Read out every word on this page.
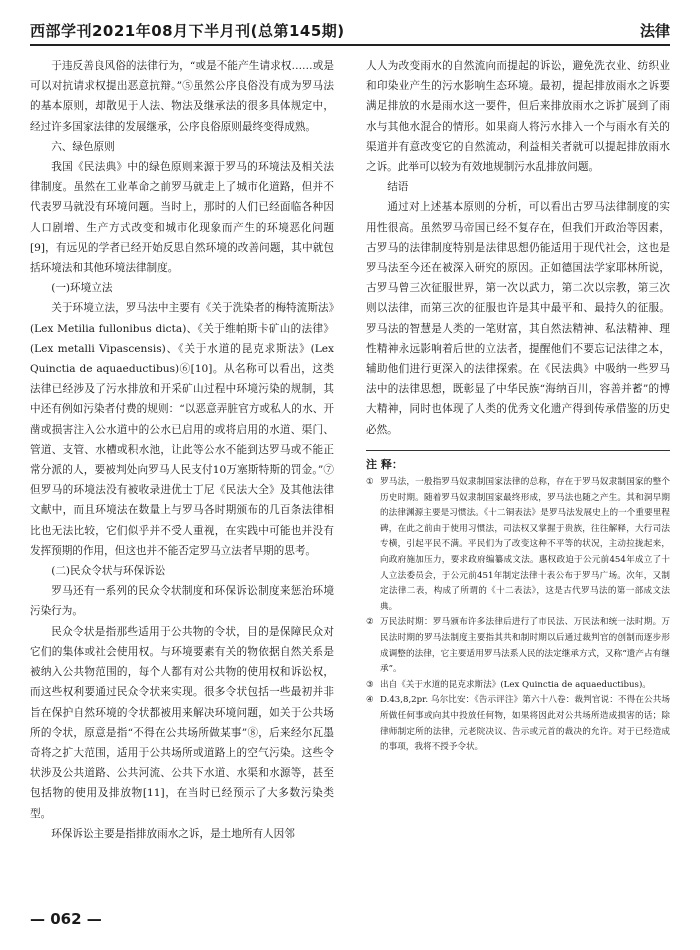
西部学刊2021年08月下半月刊(总第145期)	法律

于违反善良风俗的法律行为，“或是不能产生请求权……或是可以对抗请求权提出恶意抗辩。”⑤虽然公序良俗没有成为罗马法的基本原则，却散见于人法、物法及继承法的很多具体规定中，经过许多国家法律的发展继承，公序良俗原则最终变得成熟。

六、绿色原则

我国《民法典》中的绿色原则来源于罗马的环境法及相关法律制度。虽然在工业革命之前罗马就走上了城市化道路，但并不代表罗马就没有环境问题。当时上，那时的人们已经面临各种因人口剧增、生产方式改变和城市化现象而产生的环境恶化问题[9]，有远见的学者已经开始反思自然环境的改善问题，其中就包括环境法和其他环境法律制度。

(一)环境立法

关于环境立法，罗马法中主要有《关于洗染者的梅特流斯法》(Lex Metilia fullonibus dicta)、《关于维帕斯卡矿山的法律》(Lex metalli Vipascensis)、《关于水道的昆克求斯法》(Lex Quinctia de aquaeductibus)⑥[10]。从名称可以看出，这类法律已经涉及了污水排放和开采矿山过程中环境污染的规制，其中还有例如污染者付费的规则：“以恶意弄脏官方或私人的水、开凿或损害注入公水道中的公水已启用的或将启用的水道、渠门、管道、支管、水槽或积水池，让此等公水不能到达罗马或不能正常分派的人，要被判处向罗马人民支付10万塞斯特斯的罚金。”⑦但罗马的环境法没有被收录进优士丁尼《民法大全》及其他法律文献中，而且环境法在数量上与罗马各时期颁布的几百条法律相比也无法比较，它们似乎并不受人重视，在实践中可能也并没有发挥预期的作用，但这也并不能否定罗马立法者早期的思考。

(二)民众令状与环保诉讼

罗马还有一系列的民众令状制度和环保诉讼制度来惩治环境污染行为。

民众令状是指那些适用于公共物的令状，目的是保障民众对它们的集体或社会使用权。与环境要素有关的物依据自然关系是被纳入公共物范围的，每个人都有对公共物的使用权和诉讼权，而这些权利要通过民众令状来实现。很多令状包括一些最初并非旨在保护自然环境的令状都被用来解决环境问题，如关于公共场所的令状，原意是指“不得在公共场所做某事”⑧，后来经尔瓦墨奇将之扩大范围，适用于公共场所或道路上的空气污染。这些令状涉及公共道路、公共河流、公共下水道、水渠和水源等，甚至包括物的使用及排放物[11]，在当时已经预示了大多数污染类型。

环保诉讼主要是指排放雨水之诉，是土地所有人因邻

人人为改变雨水的自然流向而提起的诉讼，避免洗衣业、纺织业和印染业产生的污水影响生态环境。最初，提起排放雨水之诉要满足排放的水是雨水这一要件，但后来排放雨水之诉扩展到了雨水与其他水混合的情形。如果商人将污水排入一个与雨水有关的渠道并有意改变它的自然流动，利益相关者就可以提起排放雨水之诉。此举可以较为有效地规制污水乱排放问题。

结语

通过对上述基本原则的分析，可以看出古罗马法律制度的实用性很高。虽然罗马帝国已经不复存在，但我们开政治等因素，古罗马的法律制度特别是法律思想仍能适用于现代社会，这也是罗马法至今还在被深入研究的原因。正如德国法学家耶林所说，古罗马曾三次征服世界，第一次以武力，第二次以宗教，第三次则以法律，而第三次的征服也许是其中最平和、最持久的征服。罗马法的智慧是人类的一笔财富，其自然法精神、私法精神、理性精神永远影响着后世的立法者，提醒他们不要忘记法律之本，辅助他们进行更深入的法律探索。在《民法典》中吸纳一些罗马法中的法律思想，既彰显了中华民族“海纳百川，容善并蓄”的博大精神，同时也体现了人类的优秀文化遗产得到传承借鉴的历史必然。

注 释：
① 罗马法，一般指罗马奴隶制国家法律的总称，存在于罗马奴隶制国家的整个历史时期。随着罗马奴隶制国家最终形成，罗马法也随之产生。其和洞早期的法律渊源主要是习惯法。《十二铜表法》是罗马法发展史上的一个重要里程碑，在此之前由于使用习惯法，司法权又掌握于贵族，往往解释，大行司法专横，引起平民不满。平民们为了改变这种不平等的状况，主动拉拢起来，向政府施加压力，要求政府编纂成文法。惠权政迫于公元前454年成立了十人立法委员会，于公元前451年制定法律十表公布于罗马广场。次年，又制定法律二表，构成了所谓的《十二表法》，这是古代罗马法的第一部成文法典。
② 万民法时期：罗马颁布许多法律后进行了市民法、万民法和统一法时期。万民法时期的罗马法制度主要指其共和制时期以后通过裁判官的创制而逐步形成调整的法律，它主要适用罗马法系人民的法定继承方式，又称“遗产占有继承”。
③ 出自《关于水道的昆克求斯法》(Lex Quinctia de aquaeductibus)。
④ D.43,8,2pr. 乌尔比安：《告示评注》第六十八卷：裁判官说：不得在公共场所做任何事或向其中投放任何物，如果将因此对公共场所造成损害的话；除律师制定所的法律，元老院决议、告示或元首的裁决的允许。对于已经造成的事项，我将不授予令状。
— 062 —
